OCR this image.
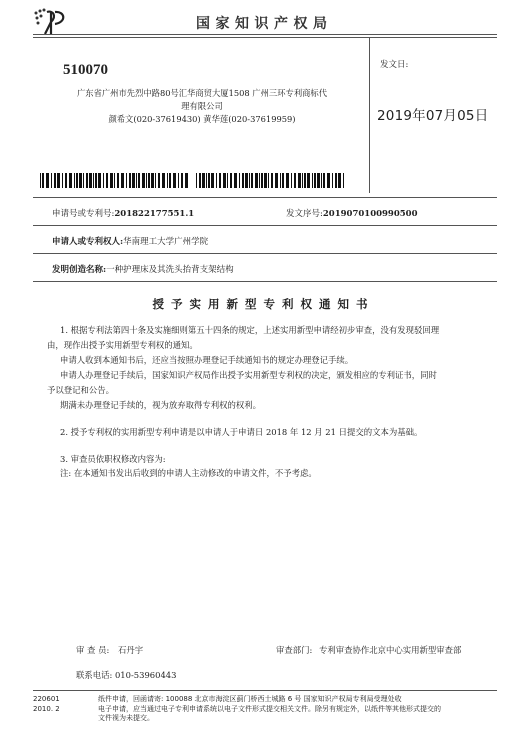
国家知识产权局
510070
广东省广州市先烈中路80号汇华商贸大厦1508 广州三环专利商标代
理有限公司
颜希文(020-37619430) 黄华莲(020-37619959)
发文日:
2019年07月05日
申请号或专利号:201822177551.1	发文序号:2019070100990500
申请人或专利权人:华南理工大学广州学院
发明创造名称:一种护理床及其洗头抬背支架结构
授予实用新型专利权通知书
1. 根据专利法第四十条及实施细则第五十四条的规定，上述实用新型申请经初步审查，没有发现驳回理
由，现作出授予实用新型专利权的通知。
申请人收到本通知书后，还应当按照办理登记手续通知书的规定办理登记手续。
申请人办理登记手续后，国家知识产权局作出授予实用新型专利权的决定，颁发相应的专利证书，同时
予以登记和公告。
期满未办理登记手续的，视为放弃取得专利权的权利。
2. 授予专利权的实用新型专利申请是以申请人于申请日 2018 年 12 月 21 日提交的文本为基础。
3. 审查员依职权修改内容为:
注: 在本通知书发出后收到的申请人主动修改的申请文件，不予考虑。
审 查 员: 石丹宇	审查部门: 专利审查协作北京中心实用新型审查部
联系电话: 010-53960443
220601
2010. 2
纸件申请，回函请寄: 100088 北京市海淀区蓟门桥西土城路 6 号 国家知识产权局专利局受理处收
电子申请，应当通过电子专利申请系统以电子文件形式提交相关文件。除另有规定外，以纸件等其他形式提交的
文件视为未提交。
